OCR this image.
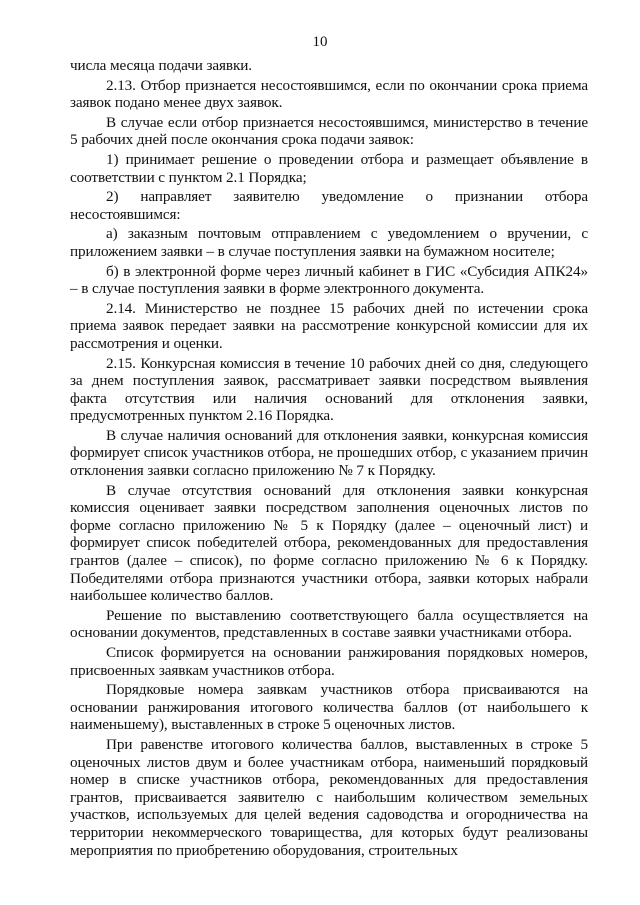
10

числа месяца подачи заявки.

2.13. Отбор признается несостоявшимся, если по окончании срока приема заявок подано менее двух заявок.

В случае если отбор признается несостоявшимся, министерство в течение 5 рабочих дней после окончания срока подачи заявок:

1) принимает решение о проведении отбора и размещает объявление в соответствии с пунктом 2.1 Порядка;

2) направляет заявителю уведомление о признании отбора несостоявшимся:

а) заказным почтовым отправлением с уведомлением о вручении, с приложением заявки – в случае поступления заявки на бумажном носителе;

б) в электронной форме через личный кабинет в ГИС «Субсидия АПК24» – в случае поступления заявки в форме электронного документа.

2.14. Министерство не позднее 15 рабочих дней по истечении срока приема заявок передает заявки на рассмотрение конкурсной комиссии для их рассмотрения и оценки.

2.15. Конкурсная комиссия в течение 10 рабочих дней со дня, следующего за днем поступления заявок, рассматривает заявки посредством выявления факта отсутствия или наличия оснований для отклонения заявки, предусмотренных пунктом 2.16 Порядка.

В случае наличия оснований для отклонения заявки, конкурсная комиссия формирует список участников отбора, не прошедших отбор, с указанием причин отклонения заявки согласно приложению № 7 к Порядку.

В случае отсутствия оснований для отклонения заявки конкурсная комиссия оценивает заявки посредством заполнения оценочных листов по форме согласно приложению № 5 к Порядку (далее – оценочный лист) и формирует список победителей отбора, рекомендованных для предоставления грантов (далее – список), по форме согласно приложению № 6 к Порядку. Победителями отбора признаются участники отбора, заявки которых набрали наибольшее количество баллов.

Решение по выставлению соответствующего балла осуществляется на основании документов, представленных в составе заявки участниками отбора.

Список формируется на основании ранжирования порядковых номеров, присвоенных заявкам участников отбора.

Порядковые номера заявкам участников отбора присваиваются на основании ранжирования итогового количества баллов (от наибольшего к наименьшему), выставленных в строке 5 оценочных листов.

При равенстве итогового количества баллов, выставленных в строке 5 оценочных листов двум и более участникам отбора, наименьший порядковый номер в списке участников отбора, рекомендованных для предоставления грантов, присваивается заявителю с наибольшим количеством земельных участков, используемых для целей ведения садоводства и огородничества на территории некоммерческого товарищества, для которых будут реализованы мероприятия по приобретению оборудования, строительных
